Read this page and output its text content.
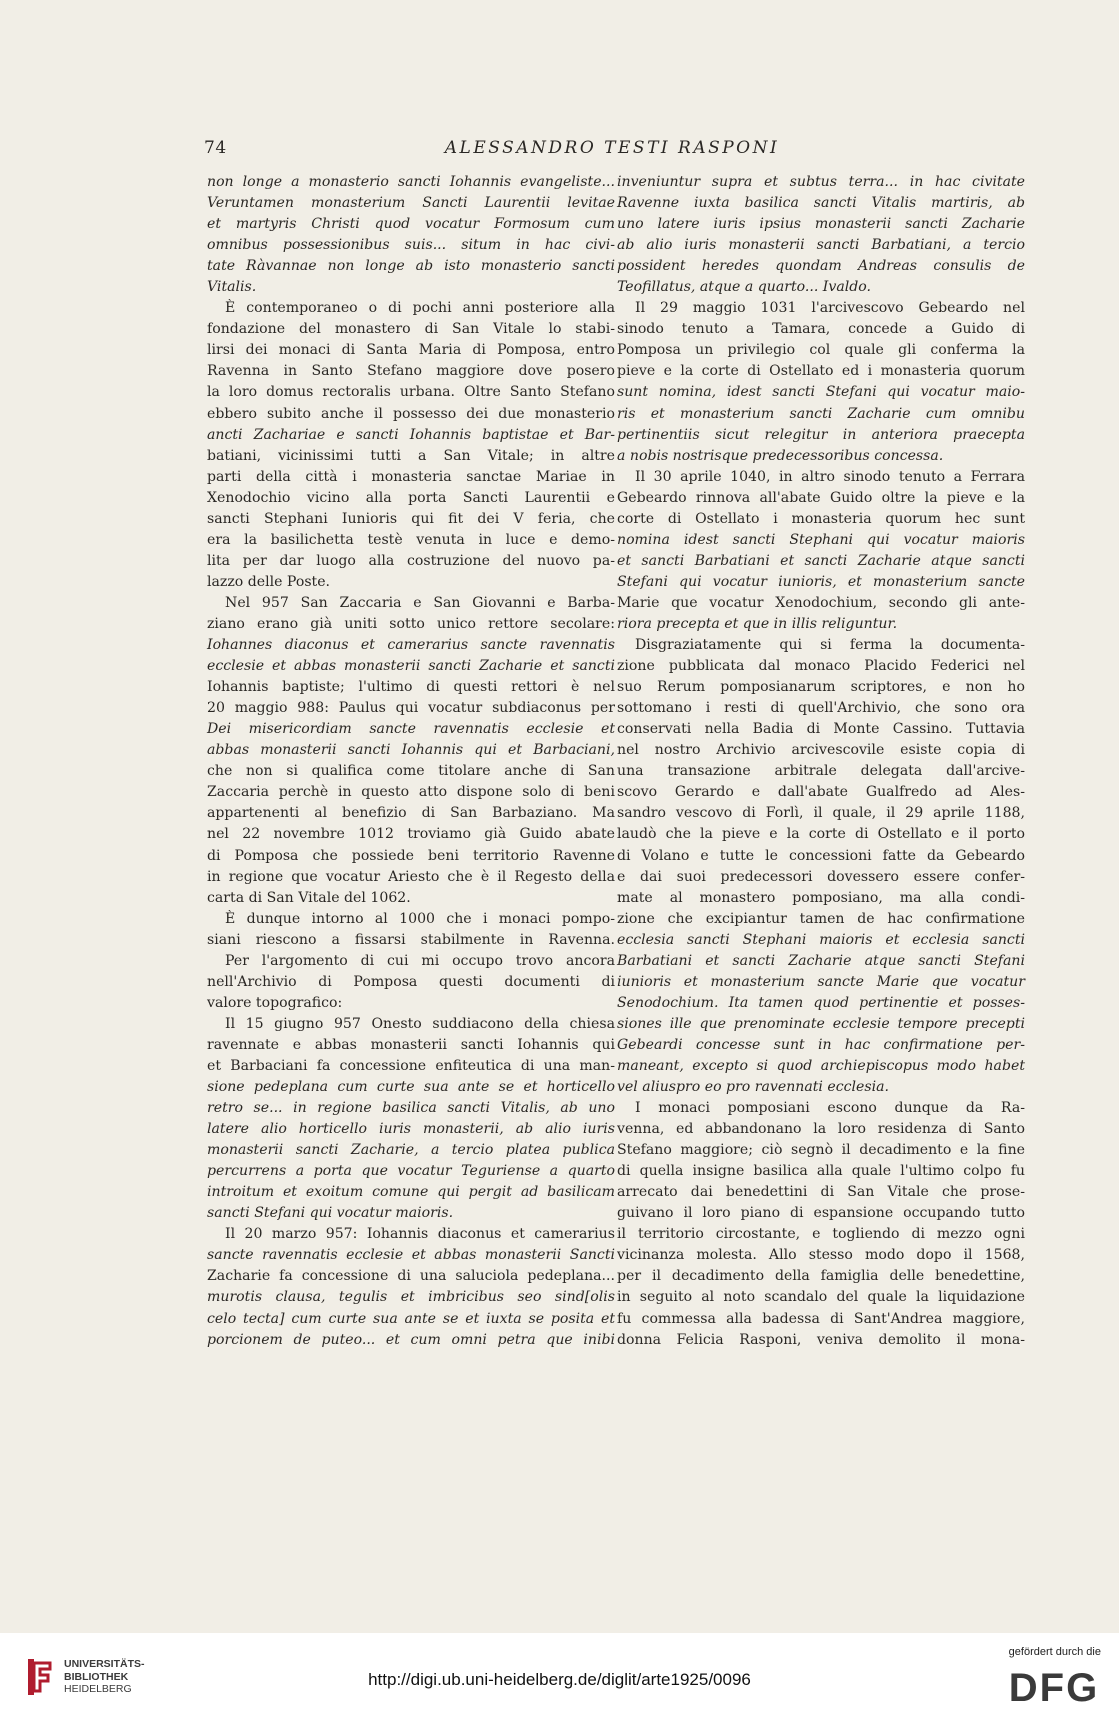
74	ALESSANDRO TESTI RASPONI
non longe a monasterio sancti Iohannis evangeliste...
Veruntamen monasterium Sancti Laurentii levitae
et martyris Christi quod vocatur Formosum cum
omnibus possessionibus suis... situm in hac civi-
tate Ràvannae non longe ab isto monasterio sancti
Vitalis.
È contemporaneo o di pochi anni posteriore alla
fondazione del monastero di San Vitale lo stabi-
lirsi dei monaci di Santa Maria di Pomposa, entro
Ravenna in Santo Stefano maggiore dove posero
la loro domus rectoralis urbana. Oltre Santo Stefano
ebbero subito anche il possesso dei due monasterio
ancti Zachariae e sancti Iohannis baptistae et Bar-
batiani, vicinissimi tutti a San Vitale; in altre
parti della città i monasteria sanctae Mariae in
Xenodochio vicino alla porta Sancti Laurentii e
sancti Stephani Iunioris qui fit dei V feria, che
era la basilichetta testè venuta in luce e demo-
lita per dar luogo alla costruzione del nuovo pa-
lazzo delle Poste.
Nel 957 San Zaccaria e San Giovanni e Barba-
ziano erano già uniti sotto unico rettore secolare:
Iohannes diaconus et camerarius sancte ravennatis
ecclesie et abbas monasterii sancti Zacharie et sancti
Iohannis baptiste; l'ultimo di questi rettori è nel
20 maggio 988: Paulus qui vocatur subdiaconus per
Dei misericordiam sancte ravennatis ecclesie et
abbas monasterii sancti Iohannis qui et Barbaciani,
che non si qualifica come titolare anche di San
Zaccaria perchè in questo atto dispone solo di beni
appartenenti al benefizio di San Barbaziano. Ma
nel 22 novembre 1012 troviamo già Guido abate
di Pomposa che possiede beni territorio Ravenne
in regione que vocatur Ariesto che è il Regesto della
carta di San Vitale del 1062.
È dunque intorno al 1000 che i monaci pompo-
siani riescono a fissarsi stabilmente in Ravenna.
Per l'argomento di cui mi occupo trovo ancora
nell'Archivio di Pomposa questi documenti di
valore topografico:
Il 15 giugno 957 Onesto suddiacono della chiesa
ravennate e abbas monasterii sancti Iohannis qui
et Barbaciani fa concessione enfiteutica di una man-
sione pedeplana cum curte sua ante se et horticello
retro se... in regione basilica sancti Vitalis, ab uno
latere alio horticello iuris monasterii, ab alio iuris
monasterii sancti Zacharie, a tercio platea publica
percurrens a porta que vocatur Teguriense a quarto
introitum et exoitum comune qui pergit ad basilicam
sancti Stefani qui vocatur maioris.
Il 20 marzo 957: Iohannis diaconus et camerarius
sancte ravennatis ecclesie et abbas monasterii Sancti
Zacharie fa concessione di una saluciola pedeplana...
murotis clausa, tegulis et imbricibus seo sind[olis
celo tecta] cum curte sua ante se et iuxta se posita et
porcionem de puteo... et cum omni petra que inibi
inveniuntur supra et subtus terra... in hac civitate
Ravenne iuxta basilica sancti Vitalis martiris, ab
uno latere iuris ipsius monasterii sancti Zacharie
ab alio iuris monasterii sancti Barbatiani, a tercio
possident heredes quondam Andreas consulis de
Teofillatus, atque a quarto... Ivaldo.
Il 29 maggio 1031 l'arcivescovo Gebeardo nel
sinodo tenuto a Tamara, concede a Guido di
Pomposa un privilegio col quale gli conferma la
pieve e la corte di Ostellato ed i monasteria quorum
sunt nomina, idest sancti Stefani qui vocatur maio-
ris et monasterium sancti Zacharie cum omnibu
pertinentiis sicut relegitur in anteriora praecepta
a nobis nostrisque predecessoribus concessa.
Il 30 aprile 1040, in altro sinodo tenuto a Ferrara
Gebeardo rinnova all'abate Guido oltre la pieve e la
corte di Ostellato i monasteria quorum hec sunt
nomina idest sancti Stephani qui vocatur maioris
et sancti Barbatiani et sancti Zacharie atque sancti
Stefani qui vocatur iunioris, et monasterium sancte
Marie que vocatur Xenodochium, secondo gli ante-
riora precepta et que in illis religuntur.
Disgraziatamente qui si ferma la documenta-
zione pubblicata dal monaco Placido Federici nel
suo Rerum pomposianarum scriptores, e non ho
sottomano i resti di quell'Archivio, che sono ora
conservati nella Badia di Monte Cassino. Tuttavia
nel nostro Archivio arcivescovile esiste copia di
una transazione arbitrale delegata dall'arcive-
scovo Gerardo e dall'abate Gualfredo ad Ales-
sandro vescovo di Forlì, il quale, il 29 aprile 1188,
laudò che la pieve e la corte di Ostellato e il porto
di Volano e tutte le concessioni fatte da Gebeardo
e dai suoi predecessori dovessero essere confer-
mate al monastero pomposiano, ma alla condi-
zione che excipiantur tamen de hac confirmatione
ecclesia sancti Stephani maioris et ecclesia sancti
Barbatiani et sancti Zacharie atque sancti Stefani
iunioris et monasterium sancte Marie que vocatur
Senodochium. Ita tamen quod pertinentie et posses-
siones ille que prenominate ecclesie tempore precepti
Gebeardi concesse sunt in hac confirmatione per-
maneant, excepto si quod archiepiscopus modo habet
vel aliuspro eo pro ravennati ecclesia.
I monaci pomposiani escono dunque da Ra-
venna, ed abbandonano la loro residenza di Santo
Stefano maggiore; ciò segnò il decadimento e la fine
di quella insigne basilica alla quale l'ultimo colpo fu
arrecato dai benedettini di San Vitale che prose-
guivano il loro piano di espansione occupando tutto
il territorio circostante, e togliendo di mezzo ogni
vicinanza molesta. Allo stesso modo dopo il 1568,
per il decadimento della famiglia delle benedettine,
in seguito al noto scandalo del quale la liquidazione
fu commessa alla badessa di Sant'Andrea maggiore,
donna Felicia Rasponi, veniva demolito il mona-
UNIVERSITÄTS-
BIBLIOTHEK
HEIDELBERG	http://digi.ub.uni-heidelberg.de/diglit/arte1925/0096
gefördert durch die
DFG
